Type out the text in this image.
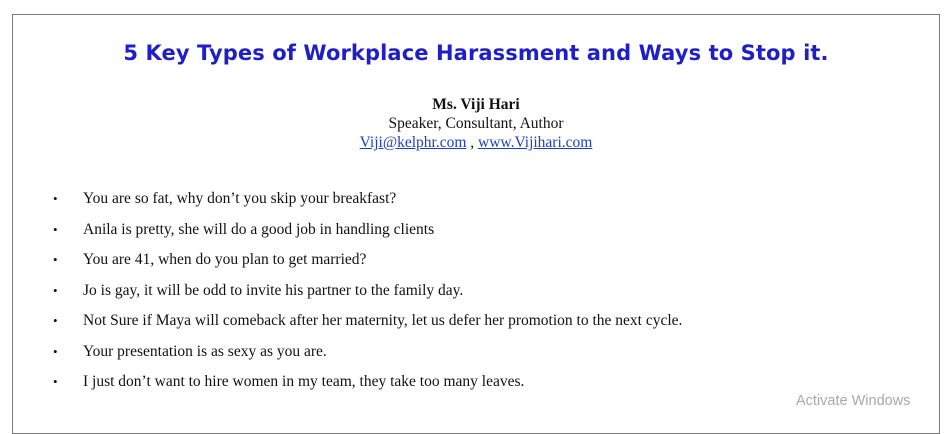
5 Key Types of Workplace Harassment and Ways to Stop it.
Ms. Viji Hari
Speaker, Consultant, Author
Viji@kelphr.com , www.Vijihari.com
• You are so fat, why don’t you skip your breakfast?
• Anila is pretty, she will do a good job in handling clients
• You are 41, when do you plan to get married?
• Jo is gay, it will be odd to invite his partner to the family day.
• Not Sure if Maya will comeback after her maternity, let us defer her promotion to the next cycle.
• Your presentation is as sexy as you are.
• I just don’t want to hire women in my team, they take too many leaves.
Activate Windows
